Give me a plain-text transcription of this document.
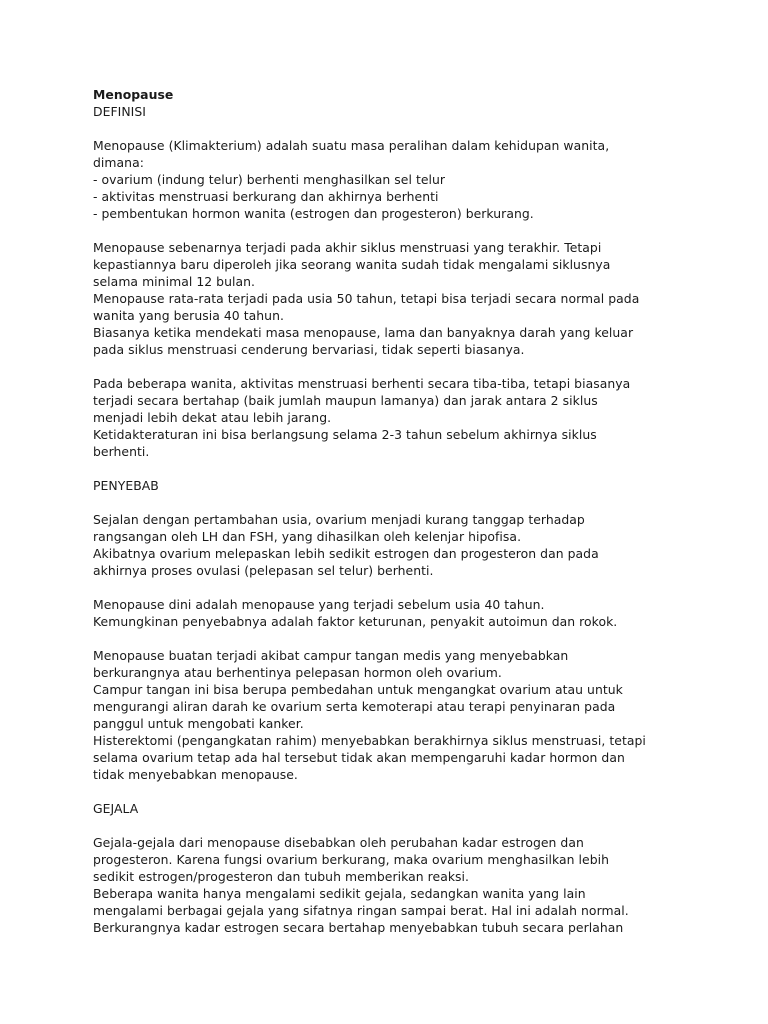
Menopause
DEFINISI
Menopause (Klimakterium) adalah suatu masa peralihan dalam kehidupan wanita,
dimana:
- ovarium (indung telur) berhenti menghasilkan sel telur
- aktivitas menstruasi berkurang dan akhirnya berhenti
- pembentukan hormon wanita (estrogen dan progesteron) berkurang.
Menopause sebenarnya terjadi pada akhir siklus menstruasi yang terakhir. Tetapi
kepastiannya baru diperoleh jika seorang wanita sudah tidak mengalami siklusnya
selama minimal 12 bulan.
Menopause rata-rata terjadi pada usia 50 tahun, tetapi bisa terjadi secara normal pada
wanita yang berusia 40 tahun.
Biasanya ketika mendekati masa menopause, lama dan banyaknya darah yang keluar
pada siklus menstruasi cenderung bervariasi, tidak seperti biasanya.
Pada beberapa wanita, aktivitas menstruasi berhenti secara tiba-tiba, tetapi biasanya
terjadi secara bertahap (baik jumlah maupun lamanya) dan jarak antara 2 siklus
menjadi lebih dekat atau lebih jarang.
Ketidakteraturan ini bisa berlangsung selama 2-3 tahun sebelum akhirnya siklus
berhenti.
PENYEBAB
Sejalan dengan pertambahan usia, ovarium menjadi kurang tanggap terhadap
rangsangan oleh LH dan FSH, yang dihasilkan oleh kelenjar hipofisa.
Akibatnya ovarium melepaskan lebih sedikit estrogen dan progesteron dan pada
akhirnya proses ovulasi (pelepasan sel telur) berhenti.
Menopause dini adalah menopause yang terjadi sebelum usia 40 tahun.
Kemungkinan penyebabnya adalah faktor keturunan, penyakit autoimun dan rokok.
Menopause buatan terjadi akibat campur tangan medis yang menyebabkan
berkurangnya atau berhentinya pelepasan hormon oleh ovarium.
Campur tangan ini bisa berupa pembedahan untuk mengangkat ovarium atau untuk
mengurangi aliran darah ke ovarium serta kemoterapi atau terapi penyinaran pada
panggul untuk mengobati kanker.
Histerektomi (pengangkatan rahim) menyebabkan berakhirnya siklus menstruasi, tetapi
selama ovarium tetap ada hal tersebut tidak akan mempengaruhi kadar hormon dan
tidak menyebabkan menopause.
GEJALA
Gejala-gejala dari menopause disebabkan oleh perubahan kadar estrogen dan
progesteron. Karena fungsi ovarium berkurang, maka ovarium menghasilkan lebih
sedikit estrogen/progesteron dan tubuh memberikan reaksi.
Beberapa wanita hanya mengalami sedikit gejala, sedangkan wanita yang lain
mengalami berbagai gejala yang sifatnya ringan sampai berat. Hal ini adalah normal.
Berkurangnya kadar estrogen secara bertahap menyebabkan tubuh secara perlahan
